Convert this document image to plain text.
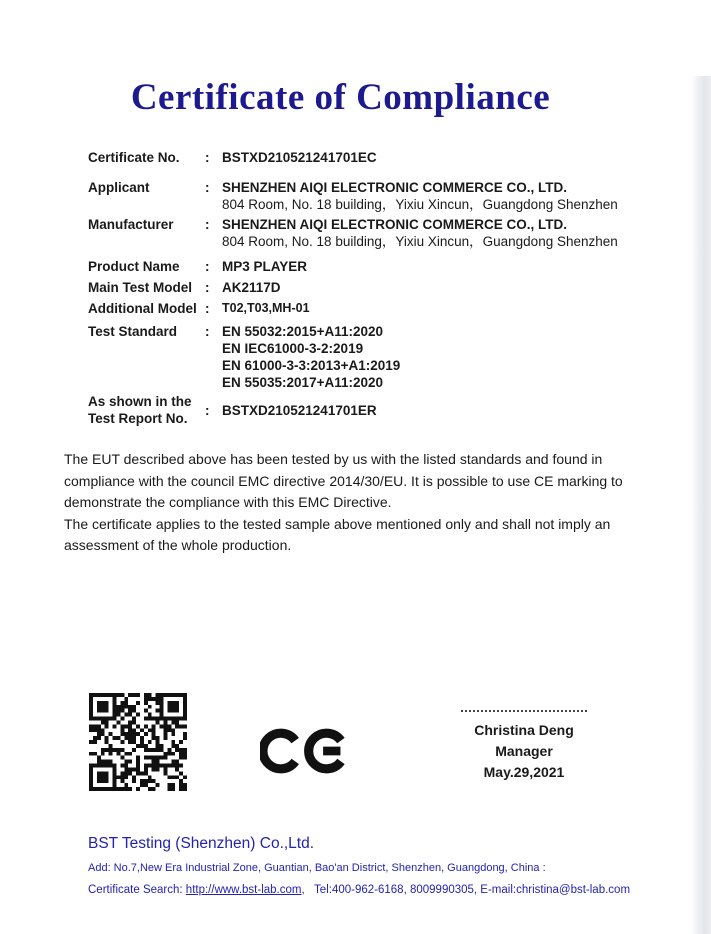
Certificate of Compliance
Certificate No.	: BSTXD210521241701EC
Applicant	: SHENZHEN AIQI ELECTRONIC COMMERCE CO., LTD.
804 Room, No. 18 building，Yixiu Xincun，Guangdong Shenzhen
Manufacturer	: SHENZHEN AIQI ELECTRONIC COMMERCE CO., LTD.
804 Room, No. 18 building，Yixiu Xincun，Guangdong Shenzhen
Product Name	: MP3 PLAYER
Main Test Model : AK2117D
Additional Model :	T02,T03,MH-01
Test Standard	: EN 55032:2015+A11:2020
EN IEC61000-3-2:2019
EN 61000-3-3:2013+A1:2019
EN 55035:2017+A11:2020
As shown in the
Test Report No.
: BSTXD210521241701ER

The EUT described above has been tested by us with the listed standards and found in compliance with the council EMC directive 2014/30/EU. It is possible to use CE marking to demonstrate the compliance with this EMC Directive.

The certificate applies to the tested sample above mentioned only and shall not imply an assessment of the whole production.

Christina Deng
Manager
May.29,2021
BST Testing (Shenzhen) Co.,Ltd.
Add: No.7,New Era Industrial Zone, Guantian, Bao'an District, Shenzhen, Guangdong, China :
Certificate Search: http://www.bst-lab.com,   Tel:400-962-6168, 8009990305, E-mail:christina@bst-lab.com
